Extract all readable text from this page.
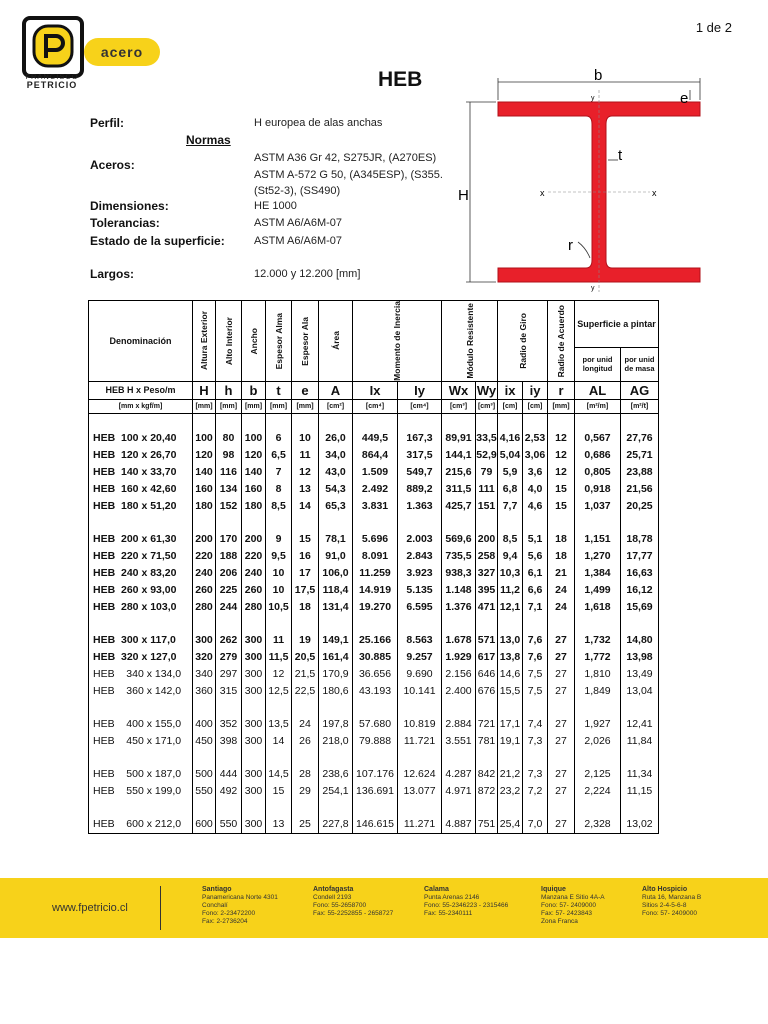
1 de 2
FRANCISCO
PETRICIO
acero
HEB
Perfil:	H europea de alas anchas
Normas
Aceros:	ASTM A36 Gr 42, S275JR, (A270ES)
ASTM A-572 G 50, (A345ESP), (S355.
(St52-3), (SS490)
Dimensiones:	HE 1000
Tolerancias:	ASTM A6/A6M-07
Estado de la superficie:	ASTM A6/A6M-07
Largos:	12.000 y 12.200 [mm]
b
e
t
r
H	x	x
y
y
Denominación	Altura Exterior	Alto Interior	Ancho	Espesor Alma	Espesor Ala	Área	Momento de Inercia		Módulo Resistente		Radio de Giro		Radio de Acuerdo	Superficie a pintar	
														por unid longitud	por unid de masa
HEB H x Peso/m	H	h	b	t	e	A	Ix	Iy	Wx	Wy	ix	iy	r	AL	AG
[mm x kgf/m]	[mm]	[mm]	[mm]	[mm]	[mm]	[cm²]	[cm⁴]	[cm⁴]	[cm³]	[cm³]	[cm]	[cm]	[mm]	[m²/m]	[m²/t]

HEB  100 x 20,40	100	80	100	6	10	26,0	449,5	167,3	89,91	33,5	4,16	2,53	12	0,567	27,76
HEB  120 x 26,70	120	98	120	6,5	11	34,0	864,4	317,5	144,1	52,9	5,04	3,06	12	0,686	25,71
HEB  140 x 33,70	140	116	140	7	12	43,0	1.509	549,7	215,6	79	5,9	3,6	12	0,805	23,88
HEB  160 x 42,60	160	134	160	8	13	54,3	2.492	889,2	311,5	111	6,8	4,0	15	0,918	21,56
HEB  180 x 51,20	180	152	180	8,5	14	65,3	3.831	1.363	425,7	151	7,7	4,6	15	1,037	20,25

HEB  200 x 61,30	200	170	200	9	15	78,1	5.696	2.003	569,6	200	8,5	5,1	18	1,151	18,78
HEB  220 x 71,50	220	188	220	9,5	16	91,0	8.091	2.843	735,5	258	9,4	5,6	18	1,270	17,77
HEB  240 x 83,20	240	206	240	10	17	106,0	11.259	3.923	938,3	327	10,3	6,1	21	1,384	16,63
HEB  260 x 93,00	260	225	260	10	17,5	118,4	14.919	5.135	1.148	395	11,2	6,6	24	1,499	16,12
HEB  280 x 103,0	280	244	280	10,5	18	131,4	19.270	6.595	1.376	471	12,1	7,1	24	1,618	15,69

HEB  300 x 117,0	300	262	300	11	19	149,1	25.166	8.563	1.678	571	13,0	7,6	27	1,732	14,80
HEB  320 x 127,0	320	279	300	11,5	20,5	161,4	30.885	9.257	1.929	617	13,8	7,6	27	1,772	13,98
HEB    340 x 134,0	340	297	300	12	21,5	170,9	36.656	9.690	2.156	646	14,6	7,5	27	1,810	13,49
HEB    360 x 142,0	360	315	300	12,5	22,5	180,6	43.193	10.141	2.400	676	15,5	7,5	27	1,849	13,04

HEB    400 x 155,0	400	352	300	13,5	24	197,8	57.680	10.819	2.884	721	17,1	7,4	27	1,927	12,41
HEB    450 x 171,0	450	398	300	14	26	218,0	79.888	11.721	3.551	781	19,1	7,3	27	2,026	11,84

HEB    500 x 187,0	500	444	300	14,5	28	238,6	107.176	12.624	4.287	842	21,2	7,3	27	2,125	11,34
HEB    550 x 199,0	550	492	300	15	29	254,1	136.691	13.077	4.971	872	23,2	7,2	27	2,224	11,15

HEB    600 x 212,0	600	550	300	13	25	227,8	146.615	11.271	4.887	751	25,4	7,0	27	2,328	13,02
www.fpetricio.cl
Santiago
Panamericana Norte 4301
Conchalí
Fono: 2-23472200
Fax: 2-2736204
Antofagasta
Condell 2193
Fono: 55-2658700
Fax: 55-2252855 - 2658727
Calama
Punta Arenas 2146
Fono: 55-2346223 - 2315466
Fax: 55-2340111
Iquique
Manzana E Sitio 4A-A
Fono: 57- 2409000
Fax: 57- 2423843
Zona Franca
Alto Hospicio
Ruta 16, Manzana B
Sitios 2-4-5-6-8
Fono: 57- 2409000
